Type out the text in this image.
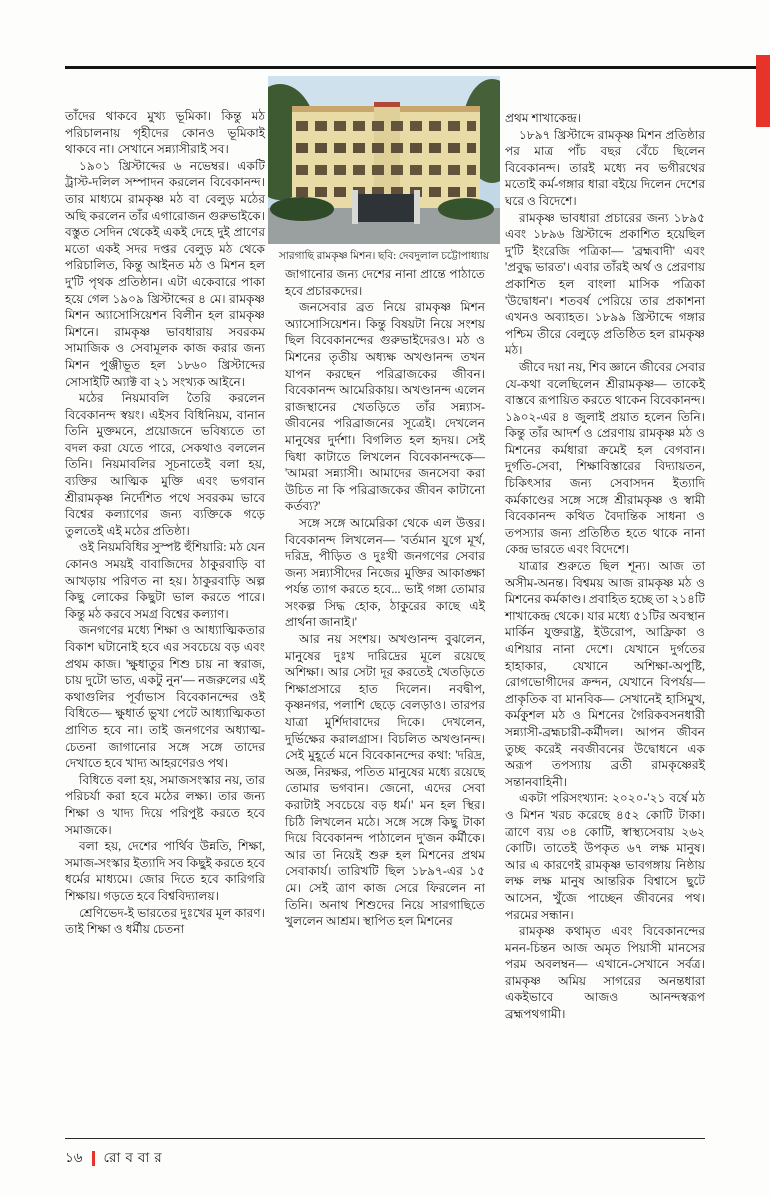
সারগাছি রামকৃষ্ণ মিশন। ছবি: দেবদুলাল চট্টোপাধ্যায়

তাঁদের থাকবে মুখ্য ভূমিকা। কিন্তু মঠ পরিচালনায় গৃহীদের কোনও ভূমিকাই থাকবে না। সেখানে সন্ন্যাসীরাই সব।

১৯০১ খ্রিস্টাব্দের ৬ নভেম্বর। একটি ট্রাস্ট-দলিল সম্পাদন করলেন বিবেকানন্দ। তার মাধ্যমে রামকৃষ্ণ মঠ বা বেলুড় মঠের অছি করলেন তাঁর এগারোজন গুরুভাইকে। বস্তুত সেদিন থেকেই একই দেহে দুই প্রাণের মতো একই সদর দপ্তর বেলুড় মঠ থেকে পরিচালিত, কিন্তু আইনত মঠ ও মিশন হল দু'টি পৃথক প্রতিষ্ঠান। এটা একেবারে পাকা হয়ে গেল ১৯০৯ খ্রিস্টাব্দের ৪ মে। রামকৃষ্ণ মিশন অ্যাসোসিয়েশন বিলীন হল রামকৃষ্ণ মিশনে। রামকৃষ্ণ ভাবধারায় সবরকম সামাজিক ও সেবামূলক কাজ করার জন্য মিশন পুঞ্জীভূত হল ১৮৬০ খ্রিস্টাব্দের সোসাইটি অ্যাক্ট বা ২১ সংখ্যক আইনে।

মঠের নিয়মাবলি তৈরি করলেন বিবেকানন্দ স্বয়ং। এইসব বিধিনিয়ম, বানান তিনি মুক্তমনে, প্রয়োজনে ভবিষ্যতে তা বদল করা যেতে পারে, সেকথাও বললেন তিনি। নিয়মাবলির সূচনাতেই বলা হয়, ব্যক্তির আত্মিক মুক্তি এবং ভগবান শ্রীরামকৃষ্ণ নির্দেশিত পথে সবরকম ভাবে বিশ্বের কল্যাণের জন্য ব্যক্তিকে গড়ে তুলতেই এই মঠের প্রতিষ্ঠা।

ওই নিয়মবিধির সুস্পষ্ট হুঁশিয়ারি: মঠ যেন কোনও সময়ই বাবাজিদের ঠাকুরবাড়ি বা আখড়ায় পরিণত না হয়। ঠাকুরবাড়ি অল্প কিছু লোকের কিছুটা ভাল করতে পারে। কিন্তু মঠ করবে সমগ্র বিশ্বের কল্যাণ।

জনগণের মধ্যে শিক্ষা ও আধ্যাত্মিকতার বিকাশ ঘটানোই হবে এর সবচেয়ে বড় এবং প্রথম কাজ। 'ক্ষুধাতুর শিশু চায় না স্বরাজ, চায় দুটো ভাত, একটু নুন'— নজরুলের এই কথাগুলির পূর্বাভাস বিবেকানন্দের ওই বিধিতে— ক্ষুধার্ত ভুখা পেটে আধ্যাত্মিকতা প্রাণিত হবে না। তাই জনগণের অধ্যাত্ম-চেতনা জাগানোর সঙ্গে সঙ্গে তাদের দেখাতে হবে খাদ্য আহরণেরও পথ।

বিধিতে বলা হয়, সমাজসংস্কার নয়, তার পরিচর্যা করা হবে মঠের লক্ষ্য। তার জন্য শিক্ষা ও খাদ্য দিয়ে পরিপুষ্ট করতে হবে সমাজকে।

বলা হয়, দেশের পার্থিব উন্নতি, শিক্ষা, সমাজ-সংস্কার ইত্যাদি সব কিছুই করতে হবে ধর্মের মাধ্যমে। জোর দিতে হবে কারিগরি শিক্ষায়। গড়তে হবে বিশ্ববিদ্যালয়।

শ্রেণিভেদ-ই ভারতের দুঃখের মূল কারণ। তাই শিক্ষা ও ধর্মীয় চেতনা

জাগানোর জন্য দেশের নানা প্রান্তে পাঠাতে হবে প্রচারকদের।

জনসেবার ব্রত নিয়ে রামকৃষ্ণ মিশন অ্যাসোসিয়েশন। কিন্তু বিষয়টা নিয়ে সংশয় ছিল বিবেকানন্দের গুরুভাইদেরও। মঠ ও মিশনের তৃতীয় অধ্যক্ষ অখণ্ডানন্দ তখন যাপন করছেন পরিব্রাজকের জীবন। বিবেকানন্দ আমেরিকায়। অখণ্ডানন্দ এলেন রাজস্থানের খেতড়িতে তাঁর সন্ন্যাস-জীবনের পরিব্রাজনের সূত্রেই। দেখলেন মানুষের দুর্দশা। বিগলিত হল হৃদয়। সেই দ্বিধা কাটাতে লিখলেন বিবেকানন্দকে— 'আমরা সন্ন্যাসী। আমাদের জনসেবা করা উচিত না কি পরিব্রাজকের জীবন কাটানো কর্তব্য?'

সঙ্গে সঙ্গে আমেরিকা থেকে এল উত্তর। বিবেকানন্দ লিখলেন— 'বর্তমান যুগে মূর্খ, দরিদ্র, পীড়িত ও দুঃখী জনগণের সেবার জন্য সন্ন্যাসীদের নিজের মুক্তির আকাঙ্ক্ষা পর্যন্ত ত্যাগ করতে হবে... ভাই গঙ্গা তোমার সংকল্প সিদ্ধ হোক, ঠাকুরের কাছে এই প্রার্থনা জানাই।'

আর নয় সংশয়। অখণ্ডানন্দ বুঝলেন, মানুষের দুঃখ দারিদ্রের মূলে রয়েছে অশিক্ষা। আর সেটা দূর করতেই খেতড়িতে শিক্ষাপ্রসারে হাত দিলেন। নবদ্বীপ, কৃষ্ণনগর, পলাশি ছেড়ে বেলড়াও। তারপর যাত্রা মুর্শিদাবাদের দিকে। দেখলেন, দুর্ভিক্ষের করালগ্রাস। বিচলিত অখণ্ডানন্দ। সেই মুহূর্তে মনে বিবেকানন্দের কথা: 'দরিদ্র, অজ্ঞ, নিরক্ষর, পতিত মানুষের মধ্যে রয়েছে তোমার ভগবান। জেনো, এদের সেবা করাটাই সবচেয়ে বড় ধর্ম।' মন হল স্থির। চিঠি লিখলেন মঠে। সঙ্গে সঙ্গে কিছু টাকা দিয়ে বিবেকানন্দ পাঠালেন দু'জন কর্মীকে। আর তা নিয়েই শুরু হল মিশনের প্রথম সেবাকার্য। তারিখটি ছিল ১৮৯৭-এর ১৫ মে। সেই ত্রাণ কাজ সেরে ফিরলেন না তিনি। অনাথ শিশুদের নিয়ে সারগাছিতে খুললেন আশ্রম। স্থাপিত হল মিশনের

প্রথম শাখাকেন্দ্র।

১৮৯৭ খ্রিস্টাব্দে রামকৃষ্ণ মিশন প্রতিষ্ঠার পর মাত্র পাঁচ বছর বেঁচে ছিলেন বিবেকানন্দ। তারই মধ্যে নব ভগীরথের মতোই কর্ম-গঙ্গার ধারা বইয়ে দিলেন দেশের ঘরে ও বিদেশে।

রামকৃষ্ণ ভাবধারা প্রচারের জন্য ১৮৯৫ এবং ১৮৯৬ খ্রিস্টাব্দে প্রকাশিত হয়েছিল দু'টি ইংরেজি পত্রিকা— 'ব্রহ্মবাদী' এবং 'প্রবুদ্ধ ভারত'। এবার তাঁরই অর্থ ও প্রেরণায় প্রকাশিত হল বাংলা মাসিক পত্রিকা 'উদ্বোধন'। শতবর্ষ পেরিয়ে তার প্রকাশনা এখনও অব্যাহত। ১৮৯৯ খ্রিস্টাব্দে গঙ্গার পশ্চিম তীরে বেলুড়ে প্রতিষ্ঠিত হল রামকৃষ্ণ মঠ।

জীবে দয়া নয়, শিব জ্ঞানে জীবের সেবার যে-কথা বলেছিলেন শ্রীরামকৃষ্ণ— তাকেই বাস্তবে রূপায়িত করতে থাকেন বিবেকানন্দ। ১৯০২-এর ৪ জুলাই প্রয়াত হলেন তিনি। কিন্তু তাঁর আদর্শ ও প্রেরণায় রামকৃষ্ণ মঠ ও মিশনের কর্মধারা ক্রমেই হল বেগবান। দুর্গতি-সেবা, শিক্ষাবিস্তারের বিদ্যায়তন, চিকিৎসার জন্য সেবাসদন ইত্যাদি কর্মকাণ্ডের সঙ্গে সঙ্গে শ্রীরামকৃষ্ণ ও স্বামী বিবেকানন্দ কথিত বৈদান্তিক সাধনা ও তপস্যার জন্য প্রতিষ্ঠিত হতে থাকে নানা কেন্দ্র ভারতে এবং বিদেশে।

যাত্রার শুরুতে ছিল শূন্য। আজ তা অসীম-অনন্ত। বিশ্বময় আজ রামকৃষ্ণ মঠ ও মিশনের কর্মকাণ্ড। প্রবাহিত হচ্ছে তা ২১৪টি শাখাকেন্দ্র থেকে। যার মধ্যে ৫১টির অবস্থান মার্কিন যুক্তরাষ্ট্র, ইউরোপ, আফ্রিকা ও এশিয়ার নানা দেশে। যেখানে দুর্গতের হাহাকার, যেখানে অশিক্ষা-অপুষ্টি, রোগভোগীদের ক্রন্দন, যেখানে বিপর্যয়— প্রাকৃতিক বা মানবিক— সেখানেই হাসিমুখ, কর্মকুশল মঠ ও মিশনের গৈরিকবসনধারী সন্ন্যাসী-ব্রহ্মচারী-কর্মীদল। আপন জীবন তুচ্ছ করেই নবজীবনের উদ্বোধনে এক অরূপ তপস্যায় ব্রতী রামকৃষ্ণেরই সন্তানবাহিনী।

একটা পরিসংখ্যান: ২০২০-'২১ বর্ষে মঠ ও মিশন খরচ করেছে ৪৫২ কোটি টাকা। ত্রাণে ব্যয় ৩৪ কোটি, স্বাস্থ্যসেবায় ২৬২ কোটি। তাতেই উপকৃত ৬৭ লক্ষ মানুষ। আর এ কারণেই রামকৃষ্ণ ভাবগঙ্গায় নিষ্ঠায় লক্ষ লক্ষ মানুষ আন্তরিক বিশ্বাসে ছুটে আসেন, খুঁজে পাচ্ছেন জীবনের পথ। পরমের সন্ধান।

রামকৃষ্ণ কথামৃত এবং বিবেকানন্দের মনন-চিন্তন আজ অমৃত পিয়াসী মানসের পরম অবলম্বন— এখানে-সেখানে সর্বত্র। রামকৃষ্ণ অমিয় সাগরের অনন্তধারা একইভাবে আজও আনন্দস্বরূপ ব্রহ্মপথগামী।

১৬ রোববার
